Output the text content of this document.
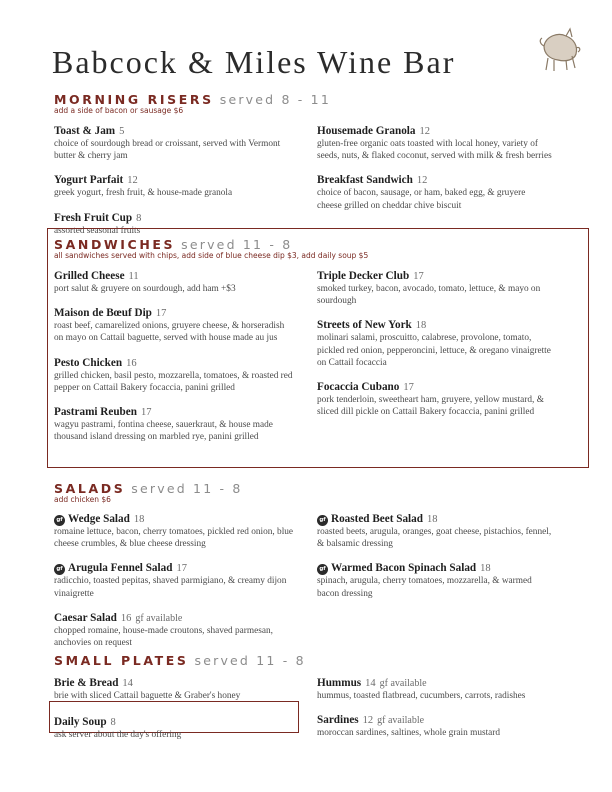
Babcock & Miles Wine Bar
MORNING RISERS served 8 - 11
add a side of bacon or sausage $6
Toast & Jam 5
choice of sourdough bread or croissant, served with Vermont butter & cherry jam
Yogurt Parfait 12
greek yogurt, fresh fruit, & house-made granola
Fresh Fruit Cup 8
assorted seasonal fruits
Housemade Granola 12
gluten-free organic oats toasted with local honey, variety of seeds, nuts, & flaked coconut, served with milk & fresh berries
Breakfast Sandwich 12
choice of bacon, sausage, or ham, baked egg, & gruyere cheese grilled on cheddar chive biscuit
SANDWICHES served 11 - 8
all sandwiches served with chips, add side of blue cheese dip $3, add daily soup $5
Grilled Cheese 11
port salut & gruyere on sourdough, add ham +$3
Maison de Bœuf Dip 17
roast beef, camarelized onions, gruyere cheese, & horseradish on mayo on Cattail baguette, served with house made au jus
Pesto Chicken 16
grilled chicken, basil pesto, mozzarella, tomatoes, & roasted red pepper on Cattail Bakery focaccia, panini grilled
Pastrami Reuben 17
wagyu pastrami, fontina cheese, sauerkraut, & house made thousand island dressing on marbled rye, panini grilled
Triple Decker Club 17
smoked turkey, bacon, avocado, tomato, lettuce, & mayo on sourdough
Streets of New York 18
molinari salami, proscuitto, calabrese, provolone, tomato, pickled red onion, pepperoncini, lettuce, & oregano vinaigrette on Cattail focaccia
Focaccia Cubano 17
pork tenderloin, sweetheart ham, gruyere, yellow mustard, & sliced dill pickle on Cattail Bakery focaccia, panini grilled
SALADS served 11 - 8
add chicken $6
gf Wedge Salad 18
romaine lettuce, bacon, cherry tomatoes, pickled red onion, blue cheese crumbles, & blue cheese dressing
gf Arugula Fennel Salad 17
radicchio, toasted pepitas, shaved parmigiano, & creamy dijon vinaigrette
Caesar Salad 16 gf available
chopped romaine, house-made croutons, shaved parmesan, anchovies on request
gf Roasted Beet Salad 18
roasted beets, arugula, oranges, goat cheese, pistachios, fennel, & balsamic dressing
gf Warmed Bacon Spinach Salad 18
spinach, arugula, cherry tomatoes, mozzarella, & warmed bacon dressing
SMALL PLATES served 11 - 8
Brie & Bread 14
brie with sliced Cattail baguette & Graber's honey
Daily Soup 8
ask server about the day's offering
Hummus 14 gf available
hummus, toasted flatbread, cucumbers, carrots, radishes
Sardines 12 gf available
moroccan sardines, saltines, whole grain mustard
